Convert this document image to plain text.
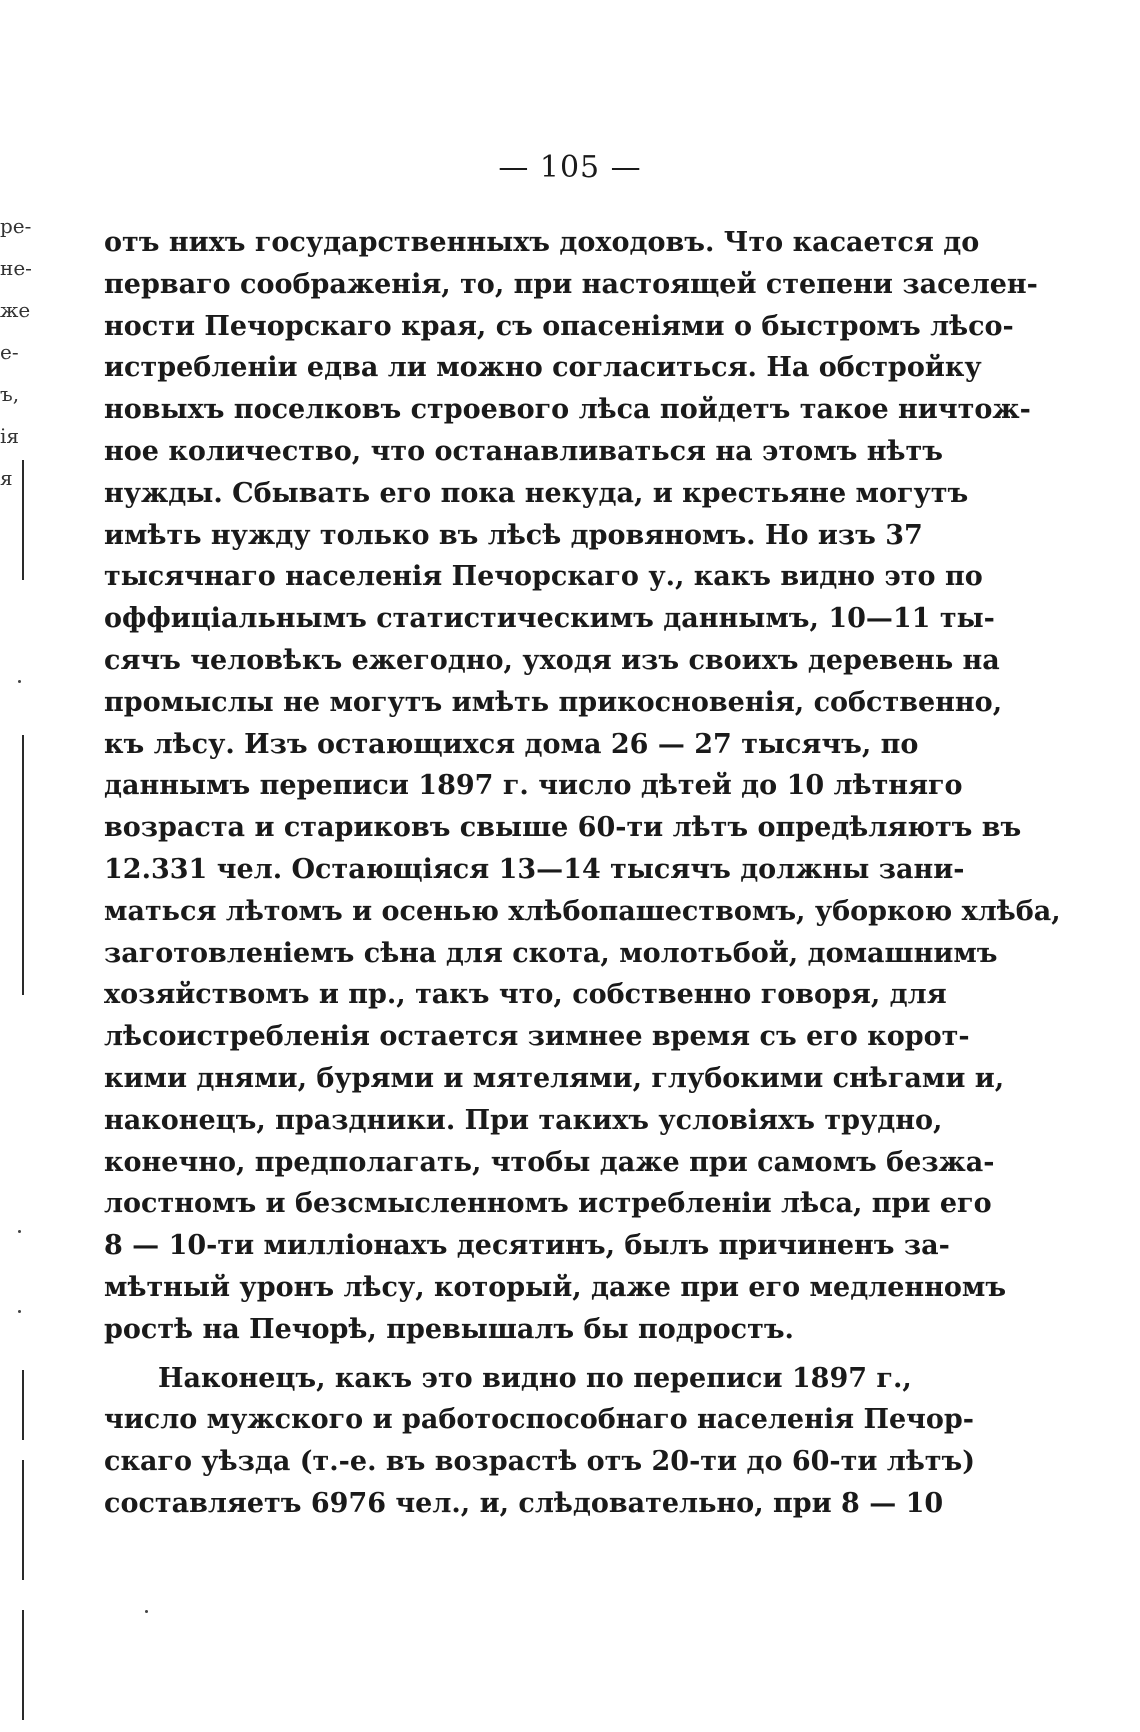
— 105 —
ре-
не-
же
е-
ъ,
ія
я
отъ нихъ государственныхъ доходовъ. Что касается до
перваго соображенія, то, при настоящей степени заселен-
ности Печорскаго края, съ опасеніями о быстромъ лѣсо-
истребленіи едва ли можно согласиться. На обстройку
новыхъ поселковъ строевого лѣса пойдетъ такое ничтож-
ное количество, что останавливаться на этомъ нѣтъ
нужды. Сбывать его пока некуда, и крестьяне могутъ
имѣть нужду только въ лѣсѣ дровяномъ. Но изъ 37
тысячнаго населенія Печорскаго у., какъ видно это по
оффиціальнымъ статистическимъ даннымъ, 10—11 ты-
сячъ человѣкъ ежегодно, уходя изъ своихъ деревень на
промыслы не могутъ имѣть прикосновенія, собственно,
къ лѣсу. Изъ остающихся дома 26 — 27 тысячъ, по
даннымъ переписи 1897 г. число дѣтей до 10 лѣтняго
возраста и стариковъ свыше 60-ти лѣтъ опредѣляютъ въ
12.331 чел. Остающіяся 13—14 тысячъ должны зани-
маться лѣтомъ и осенью хлѣбопашествомъ, уборкою хлѣба,
заготовленіемъ сѣна для скота, молотьбой, домашнимъ
хозяйствомъ и пр., такъ что, собственно говоря, для
лѣсоистребленія остается зимнее время съ его корот-
кими днями, бурями и мятелями, глубокими снѣгами и,
наконецъ, праздники. При такихъ условіяхъ трудно,
конечно, предполагать, чтобы даже при самомъ безжа-
лостномъ и безсмысленномъ истребленіи лѣса, при его
8 — 10-ти милліонахъ десятинъ, былъ причиненъ за-
мѣтный уронъ лѣсу, который, даже при его медленномъ
ростѣ на Печорѣ, превышалъ бы подростъ.
Наконецъ, какъ это видно по переписи 1897 г.,
число мужского и работоспособнаго населенія Печор-
скаго уѣзда (т.-е. въ возрастѣ отъ 20-ти до 60-ти лѣтъ)
составляетъ 6976 чел., и, слѣдовательно, при 8 — 10
